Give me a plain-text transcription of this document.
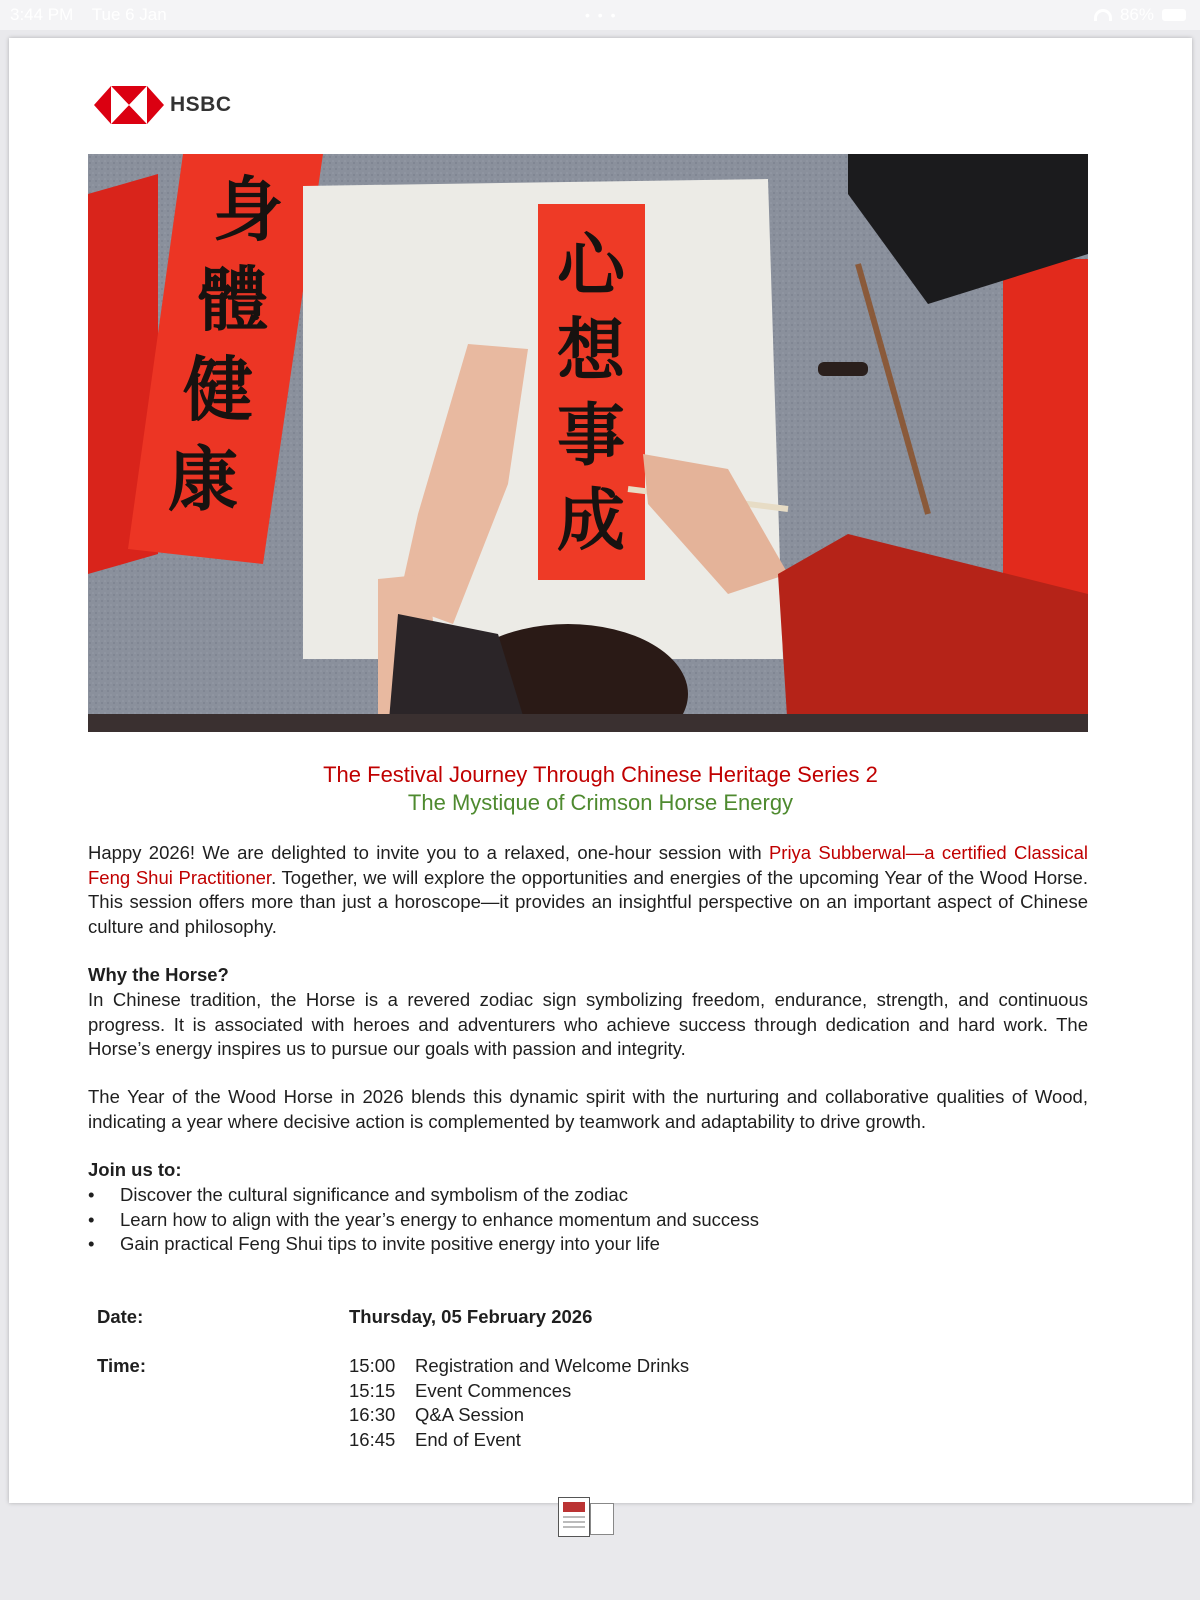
3:44 PM Tue 6 Jan	• • •	86%
HSBC
心
想
事
成
身
體
健
康
The Festival Journey Through Chinese Heritage Series 2
The Mystique of Crimson Horse Energy
Happy 2026! We are delighted to invite you to a relaxed, one-hour session with Priya Subberwal—a certified Classical Feng Shui Practitioner. Together, we will explore the opportunities and energies of the upcoming Year of the Wood Horse. This session offers more than just a horoscope—it provides an insightful perspective on an important aspect of Chinese culture and philosophy.
Why the Horse?
In Chinese tradition, the Horse is a revered zodiac sign symbolizing freedom, endurance, strength, and continuous progress. It is associated with heroes and adventurers who achieve success through dedication and hard work. The Horse’s energy inspires us to pursue our goals with passion and integrity.
The Year of the Wood Horse in 2026 blends this dynamic spirit with the nurturing and collaborative qualities of Wood, indicating a year where decisive action is complemented by teamwork and adaptability to drive growth.
Join us to:
• Discover the cultural significance and symbolism of the zodiac
• Learn how to align with the year’s energy to enhance momentum and success
• Gain practical Feng Shui tips to invite positive energy into your life
Date:	Thursday, 05 February 2026
Time:	15:00	Registration and Welcome Drinks
15:15	Event Commences
16:30	Q&A Session
16:45	End of Event
